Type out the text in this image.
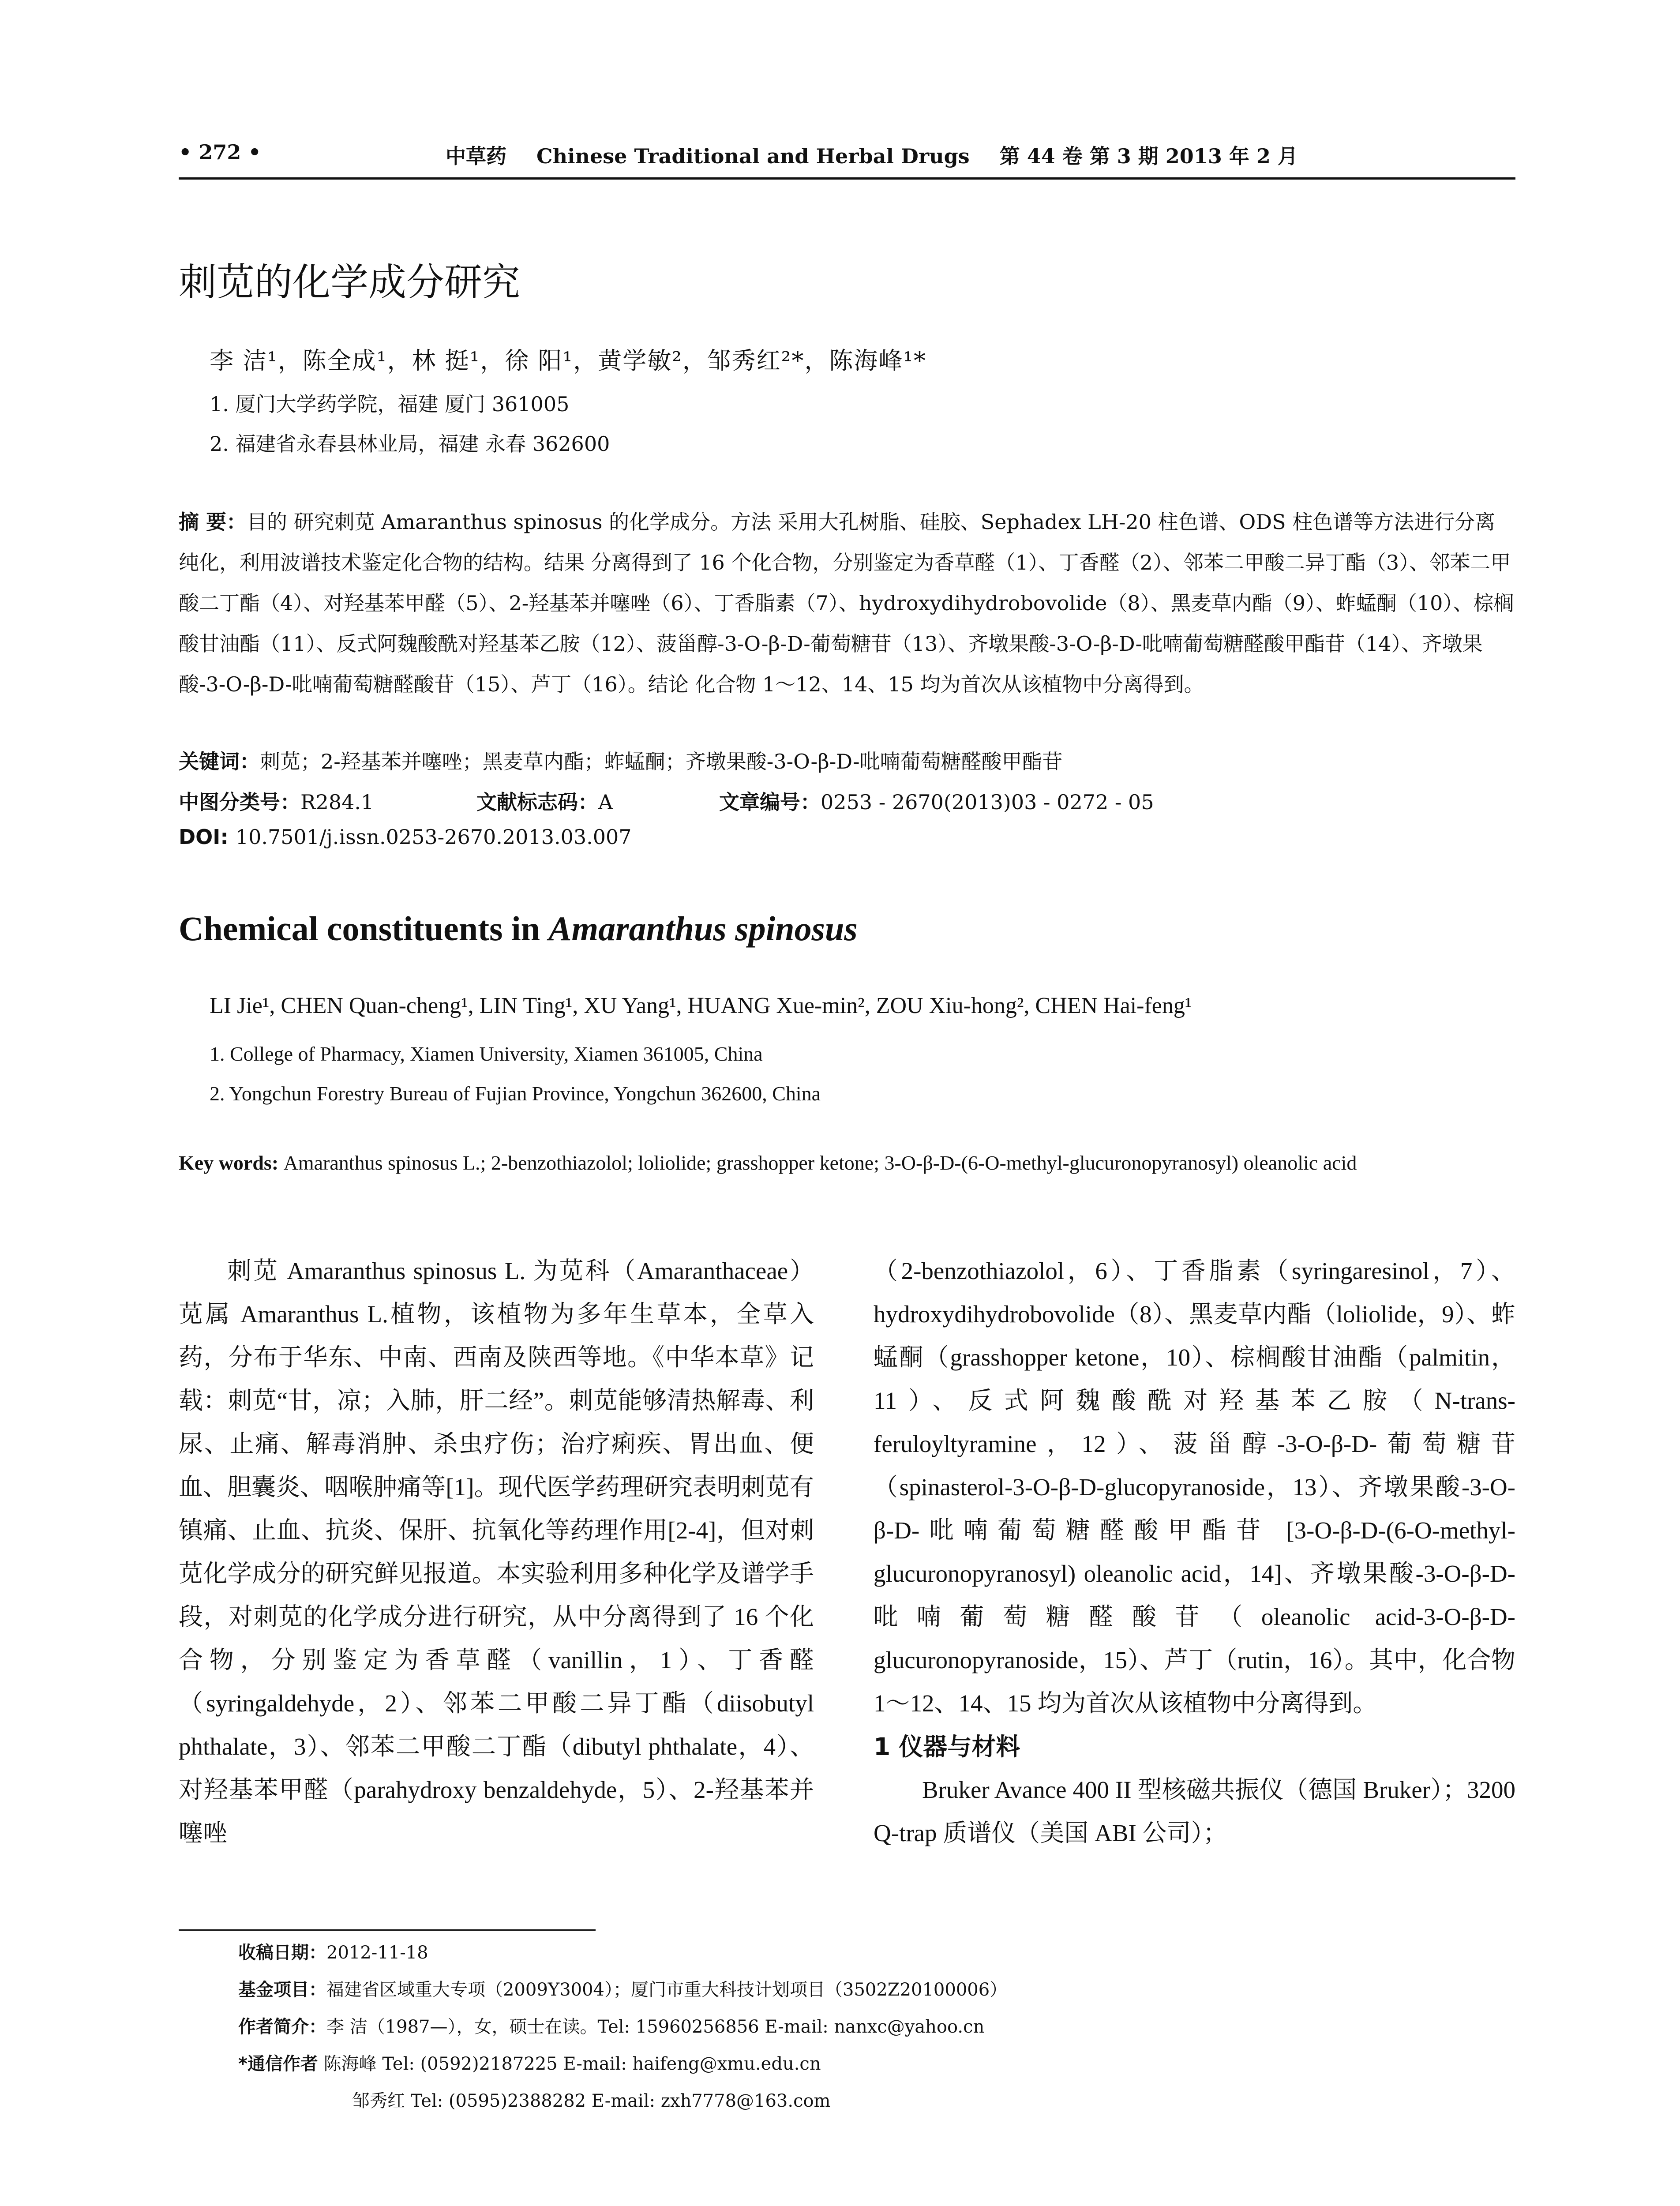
• 272 •	中草药 Chinese Traditional and Herbal Drugs 第 44 卷 第 3 期 2013 年 2 月
刺苋的化学成分研究
李 洁¹，陈全成¹，林 挺¹，徐 阳¹，黄学敏²，邹秀红²*，陈海峰¹*
1. 厦门大学药学院，福建 厦门 361005
2. 福建省永春县林业局，福建 永春 362600

摘 要：目的 研究刺苋 Amaranthus spinosus 的化学成分。方法 采用大孔树脂、硅胶、Sephadex LH-20 柱色谱、ODS 柱色谱等方法进行分离纯化，利用波谱技术鉴定化合物的结构。结果 分离得到了 16 个化合物，分别鉴定为香草醛（1）、丁香醛（2）、邻苯二甲酸二异丁酯（3）、邻苯二甲酸二丁酯（4）、对羟基苯甲醛（5）、2-羟基苯并噻唑（6）、丁香脂素（7）、hydroxydihydrobovolide（8）、黑麦草内酯（9）、蚱蜢酮（10）、棕榈酸甘油酯（11）、反式阿魏酸酰对羟基苯乙胺（12）、菠甾醇-3-O-β-D-葡萄糖苷（13）、齐墩果酸-3-O-β-D-吡喃葡萄糖醛酸甲酯苷（14）、齐墩果酸-3-O-β-D-吡喃葡萄糖醛酸苷（15）、芦丁（16）。结论 化合物 1～12、14、15 均为首次从该植物中分离得到。

关键词：刺苋；2-羟基苯并噻唑；黑麦草内酯；蚱蜢酮；齐墩果酸-3-O-β-D-吡喃葡萄糖醛酸甲酯苷
中图分类号：R284.1	文献标志码：A	文章编号：0253 - 2670(2013)03 - 0272 - 05
DOI: 10.7501/j.issn.0253-2670.2013.03.007
Chemical constituents in Amaranthus spinosus
LI Jie¹, CHEN Quan-cheng¹, LIN Ting¹, XU Yang¹, HUANG Xue-min², ZOU Xiu-hong², CHEN Hai-feng¹
1. College of Pharmacy, Xiamen University, Xiamen 361005, China
2. Yongchun Forestry Bureau of Fujian Province, Yongchun 362600, China

Key words: Amaranthus spinosus L.; 2-benzothiazolol; loliolide; grasshopper ketone; 3-O-β-D-(6-O-methyl-glucuronopyranosyl) oleanolic acid

刺苋 Amaranthus spinosus L. 为苋科（Amaranthaceae）苋属 Amaranthus L.植物，该植物为多年生草本，全草入药，分布于华东、中南、西南及陕西等地。《中华本草》记载：刺苋“甘，凉；入肺，肝二经”。刺苋能够清热解毒、利尿、止痛、解毒消肿、杀虫疗伤；治疗痢疾、胃出血、便血、胆囊炎、咽喉肿痛等[1]。现代医学药理研究表明刺苋有镇痛、止血、抗炎、保肝、抗氧化等药理作用[2-4]，但对刺苋化学成分的研究鲜见报道。本实验利用多种化学及谱学手段，对刺苋的化学成分进行研究，从中分离得到了 16 个化合物，分别鉴定为香草醛（vanillin，1）、丁香醛（syringaldehyde，2）、邻苯二甲酸二异丁酯（diisobutyl phthalate，3）、邻苯二甲酸二丁酯（dibutyl phthalate，4）、对羟基苯甲醛（parahydroxy benzaldehyde，5）、2-羟基苯并噻唑

（2-benzothiazolol，6）、丁香脂素（syringaresinol，7）、hydroxydihydrobovolide（8）、黑麦草内酯（loliolide，9）、蚱蜢酮（grasshopper ketone，10）、棕榈酸甘油酯（palmitin，11）、反式阿魏酸酰对羟基苯乙胺（N-trans-feruloyltyramine，12）、菠甾醇-3-O-β-D-葡萄糖苷（spinasterol-3-O-β-D-glucopyranoside，13）、齐墩果酸-3-O-β-D-吡喃葡萄糖醛酸甲酯苷 [3-O-β-D-(6-O-methyl-glucuronopyranosyl) oleanolic acid，14]、齐墩果酸-3-O-β-D-吡喃葡萄糖醛酸苷（oleanolic acid-3-O-β-D-glucuronopyranoside，15）、芦丁（rutin，16）。其中，化合物 1～12、14、15 均为首次从该植物中分离得到。

1 仪器与材料

Bruker Avance 400 II 型核磁共振仪（德国 Bruker）；3200 Q-trap 质谱仪（美国 ABI 公司）；

收稿日期：2012-11-18
基金项目：福建省区域重大专项（2009Y3004）；厦门市重大科技计划项目（3502Z20100006）
作者简介：李 洁（1987—），女，硕士在读。Tel: 15960256856 E-mail: nanxc@yahoo.cn
*通信作者 陈海峰 Tel: (0592)2187225 E-mail: haifeng@xmu.edu.cn
邹秀红 Tel: (0595)2388282 E-mail: zxh7778@163.com
